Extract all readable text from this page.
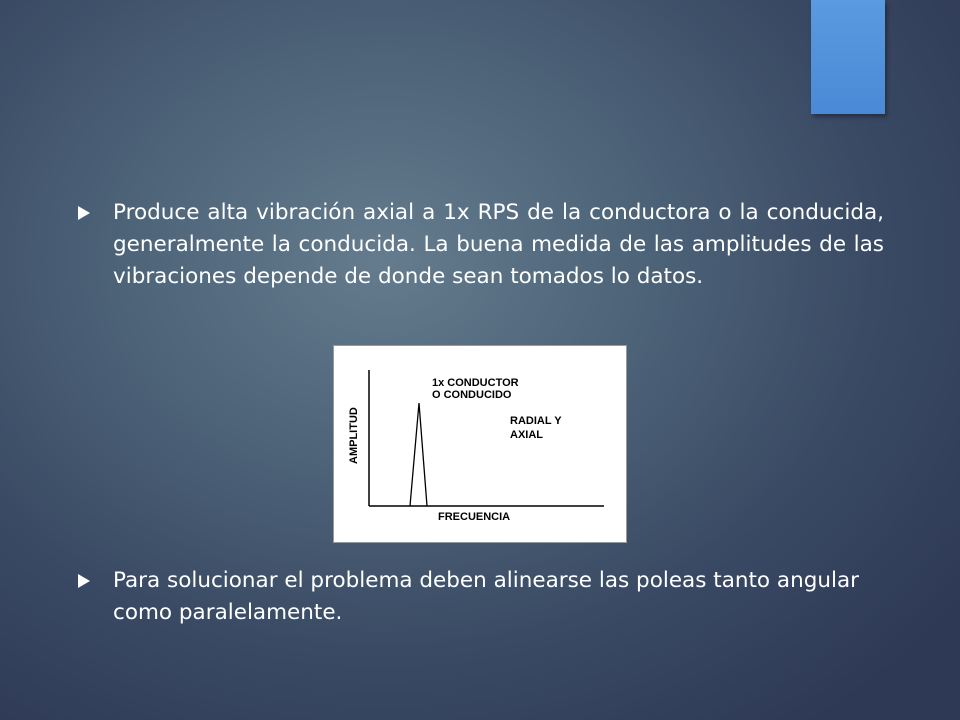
Produce alta vibración axial a 1x RPS de la conductora o la conducida, generalmente la conducida. La buena medida de las amplitudes de las vibraciones depende de donde sean tomados lo datos.

AMPLITUD
FRECUENCIA
1x CONDUCTOR
O CONDUCIDO
RADIAL Y
AXIAL

Para solucionar el problema deben alinearse las poleas tanto angular como paralelamente.
